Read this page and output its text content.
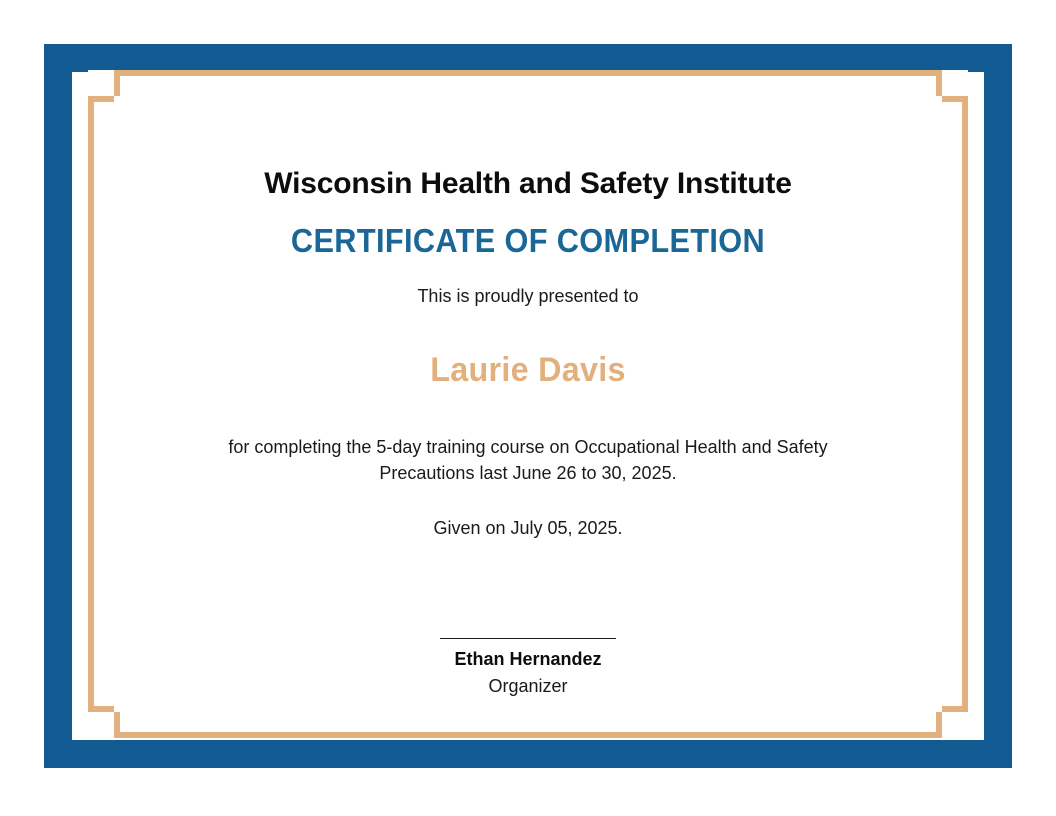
Wisconsin Health and Safety Institute
CERTIFICATE OF COMPLETION

This is proudly presented to

Laurie Davis

for completing the 5-day training course on Occupational Health and Safety Precautions last June 26 to 30, 2025.

Given on July 05, 2025.

Ethan Hernandez

Organizer
